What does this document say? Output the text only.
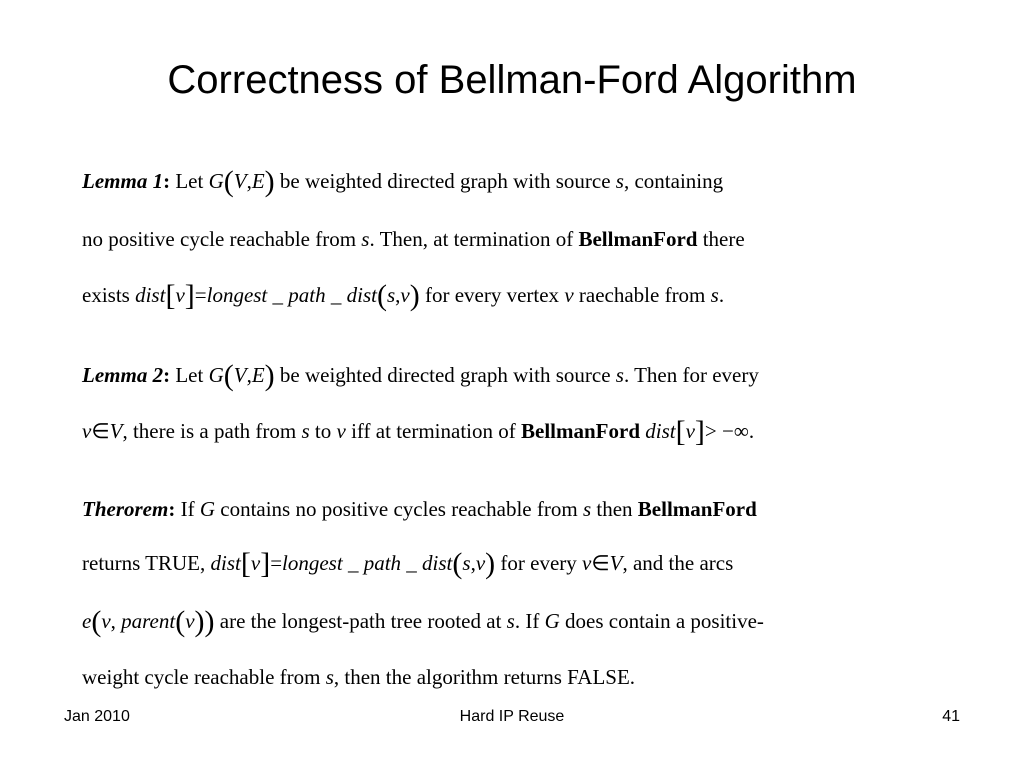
Correctness of Bellman-Ford Algorithm
Lemma 1: Let G(V,E) be weighted directed graph with source s, containing
no positive cycle reachable from s. Then, at termination of BellmanFord there
exists dist[v]=longest _ path _ dist(s,v) for every vertex v raechable from s.
Lemma 2: Let G(V,E) be weighted directed graph with source s. Then for every
v∈V, there is a path from s to v iff at termination of BellmanFord dist[v]> −∞.
Therorem: If G contains no positive cycles reachable from s then BellmanFord
returns TRUE, dist[v]=longest _ path _ dist(s,v) for every v∈V, and the arcs
e(v, parent(v)) are the longest-path tree rooted at s. If G does contain a positive-
weight cycle reachable from s, then the algorithm returns FALSE.
Jan 2010	Hard IP Reuse	41
